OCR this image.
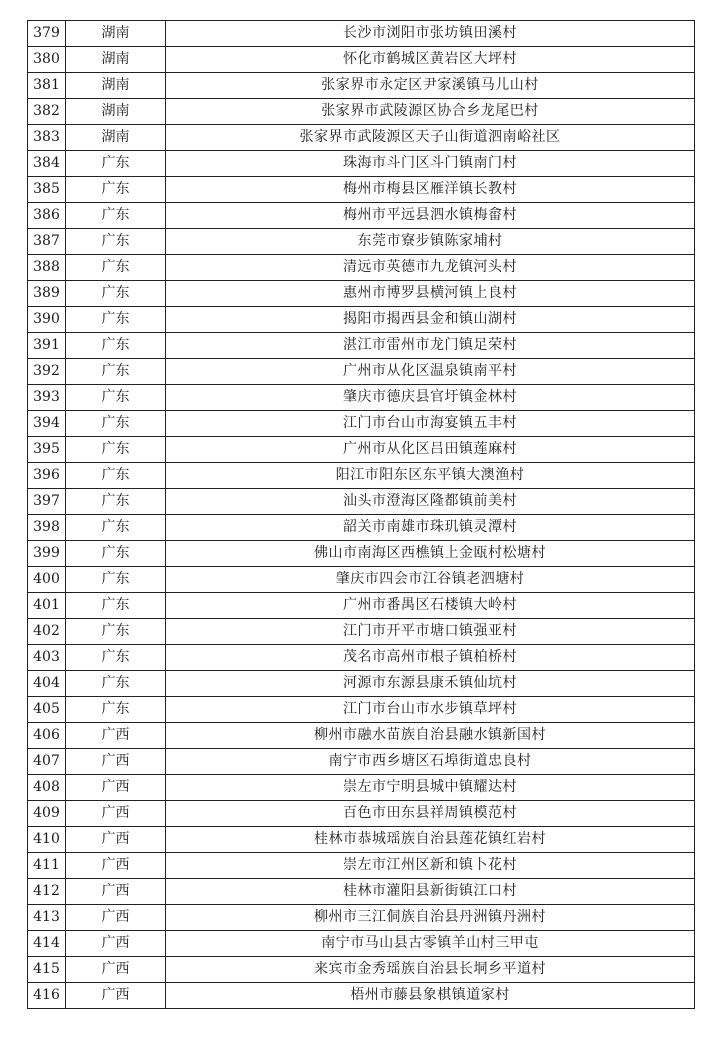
379	湖南	长沙市浏阳市张坊镇田溪村
380	湖南	怀化市鹤城区黄岩区大坪村
381	湖南	张家界市永定区尹家溪镇马儿山村
382	湖南	张家界市武陵源区协合乡龙尾巴村
383	湖南	张家界市武陵源区天子山街道泗南峪社区
384	广东	珠海市斗门区斗门镇南门村
385	广东	梅州市梅县区雁洋镇长教村
386	广东	梅州市平远县泗水镇梅畲村
387	广东	东莞市寮步镇陈家埔村
388	广东	清远市英德市九龙镇河头村
389	广东	惠州市博罗县横河镇上良村
390	广东	揭阳市揭西县金和镇山湖村
391	广东	湛江市雷州市龙门镇足荣村
392	广东	广州市从化区温泉镇南平村
393	广东	肇庆市德庆县官圩镇金林村
394	广东	江门市台山市海宴镇五丰村
395	广东	广州市从化区吕田镇莲麻村
396	广东	阳江市阳东区东平镇大澳渔村
397	广东	汕头市澄海区隆都镇前美村
398	广东	韶关市南雄市珠玑镇灵潭村
399	广东	佛山市南海区西樵镇上金瓯村松塘村
400	广东	肇庆市四会市江谷镇老泗塘村
401	广东	广州市番禺区石楼镇大岭村
402	广东	江门市开平市塘口镇强亚村
403	广东	茂名市高州市根子镇柏桥村
404	广东	河源市东源县康禾镇仙坑村
405	广东	江门市台山市水步镇草坪村
406	广西	柳州市融水苗族自治县融水镇新国村
407	广西	南宁市西乡塘区石埠街道忠良村
408	广西	崇左市宁明县城中镇耀达村
409	广西	百色市田东县祥周镇模范村
410	广西	桂林市恭城瑶族自治县莲花镇红岩村
411	广西	崇左市江州区新和镇卜花村
412	广西	桂林市灌阳县新街镇江口村
413	广西	柳州市三江侗族自治县丹洲镇丹洲村
414	广西	南宁市马山县古零镇羊山村三甲屯
415	广西	来宾市金秀瑶族自治县长垌乡平道村
416	广西	梧州市藤县象棋镇道家村
